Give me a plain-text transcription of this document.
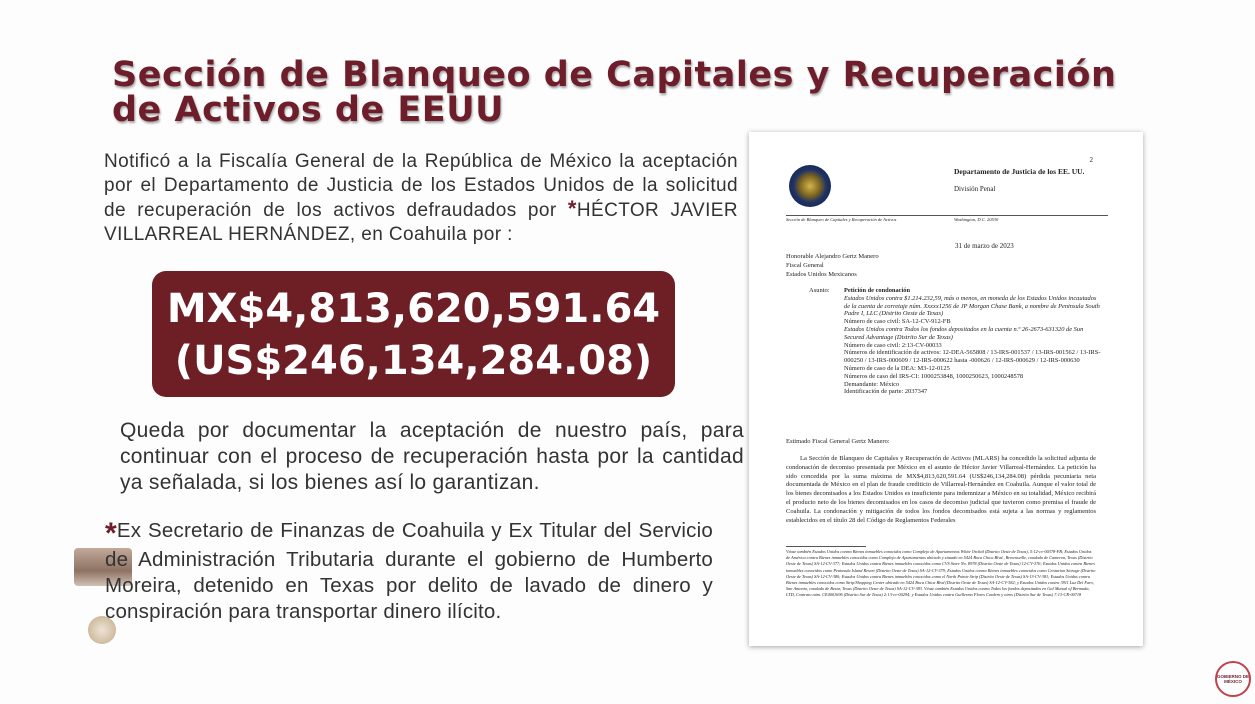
Sección de Blanqueo de Capitales y Recuperación de Activos de EEUU

Notificó a la Fiscalía General de la República de México la aceptación por el Departamento de Justicia de los Estados Unidos de la solicitud de recuperación de los activos defraudados por *HÉCTOR JAVIER VILLARREAL HERNÁNDEZ, en Coahuila por :

MX$4,813,620,591.64
(US$246,134,284.08)

Queda por documentar la aceptación de nuestro país, para continuar con el proceso de recuperación hasta por la cantidad ya señalada, si los bienes así lo garantizan.

*Ex Secretario de Finanzas de Coahuila y Ex Titular del Servicio de Administración Tributaria durante el gobierno de Humberto Moreira, detenido en Texas por delito de lavado de dinero y conspiración para transportar dinero ilícito.

2
Departamento de Justicia de los EE. UU.
División Penal
Sección de Blanqueo de Capitales y Recuperación de Activos	Washington, D.C. 20530
31 de marzo de 2023
Honorable Alejandro Gertz Manero
Fiscal General
Estados Unidos Mexicanos
Asunto: Petición de condonación
Estados Unidos contra $1.214.232,59, más o menos, en moneda de los Estados Unidos incautados de la cuenta de corretaje núm. Xxxxx1256 de JP Morgan Chase Bank, a nombre de Peninsula South Padre I, LLC (Distrito Oeste de Texas)
Número de caso civil: SA-12-CV-912-FB
Estados Unidos contra Todos los fondos depositados en la cuenta n.º 26-2673-631320 de Sun Secured Advantage (Distrito Sur de Texas)
Número de caso civil: 2:13-CV-00033
Números de identificación de activos: 12-DEA-565808 / 13-IRS-001537 / 13-IRS-001562 / 13-IRS-000250 / 13-IRS-000609 / 12-IRS-000622 hasta -000626 / 12-IRS-000629 / 12-IRS-000630
Número de caso de la DEA: M3-12-0125
Números de caso del IRS-CI: 1000253848, 1000250623, 1000248578
Demandante: México
Identificación de parte: 2037347
Estimado Fiscal General Gertz Manero:
La Sección de Blanqueo de Capitales y Recuperación de Activos (MLARS) ha concedido la solicitud adjunta de condonación de decomiso presentada por México en el asunto de Héctor Javier Villarreal-Hernández. La petición ha sido concedida por la suma máxima de MX$4,813,620,591.64 (US$246,134,284.08) pérdida pecuniaria neta documentada de México en el plan de fraude crediticio de Villarreal-Hernández en Coahuila. Aunque el valor total de los bienes decomisados a los Estados Unidos es insuficiente para indemnizar a México en su totalidad, México recibirá el producto neto de los bienes decomisados en los casos de decomiso judicial que tuvieron como premisa el fraude de Coahuila. La condonación y mitigación de todos los fondos decomisados está sujeta a las normas y reglamentos establecidos en el título 28 del Código de Reglamentos Federales
Véase también Estados Unidos contra Bienes inmuebles conocidos como Complejo de Apartamentos White Orchid (Distrito Oeste de Texas), 5:12-cv-00378-FB; Estados Unidos de América contra Bienes inmuebles conocidos como Complejo de Apartamentos ubicado y situado en 5424 Boca Chica Blvd., Brownsville, condado de Cameron, Texas (Distrito Oeste de Texas) SA-12-CV-377; Estados Unidos contra Bienes inmuebles conocidos como CVS Store No. 8978 (Distrito Oeste de Texas) 12-CV-376; Estados Unidos contra Bienes inmuebles conocidos como Peninsula Island Resort (Distrito Oeste de Texas) SA-12-CV-379; Estados Unidos contra Bienes inmuebles conocidos como Centurion Storage (Distrito Oeste de Texas) SA-12-CV-380; Estados Unidos contra Bienes inmuebles conocidos como el North Pointe Strip (Distrito Oeste de Texas) SA-13-CV-381; Estados Unidos contra Bienes inmuebles conocidos como Strip/Shopping Center ubicado en 5424 Boca Chica Blvd (Distrito Oeste de Texas) SA-12-CV-382; y Estados Unidos contra 3911 Luz Del Faro, San Antonio, condado de Bexar, Texas (Distrito Oeste de Texas) SA-12-CV-383. Véase también Estados Unidos contra Todos los fondos depositados en Gal Mutual of Bermuda, LTD, Contrato núm. CE4001696 (Distrito Sur de Texas) 2:13-cv-00294; y Estados Unidos contra Guillermo Flores Cordero y otros (Distrito Sur de Texas) 7:13-CR-00718
GOBIERNO DE MÉXICO
